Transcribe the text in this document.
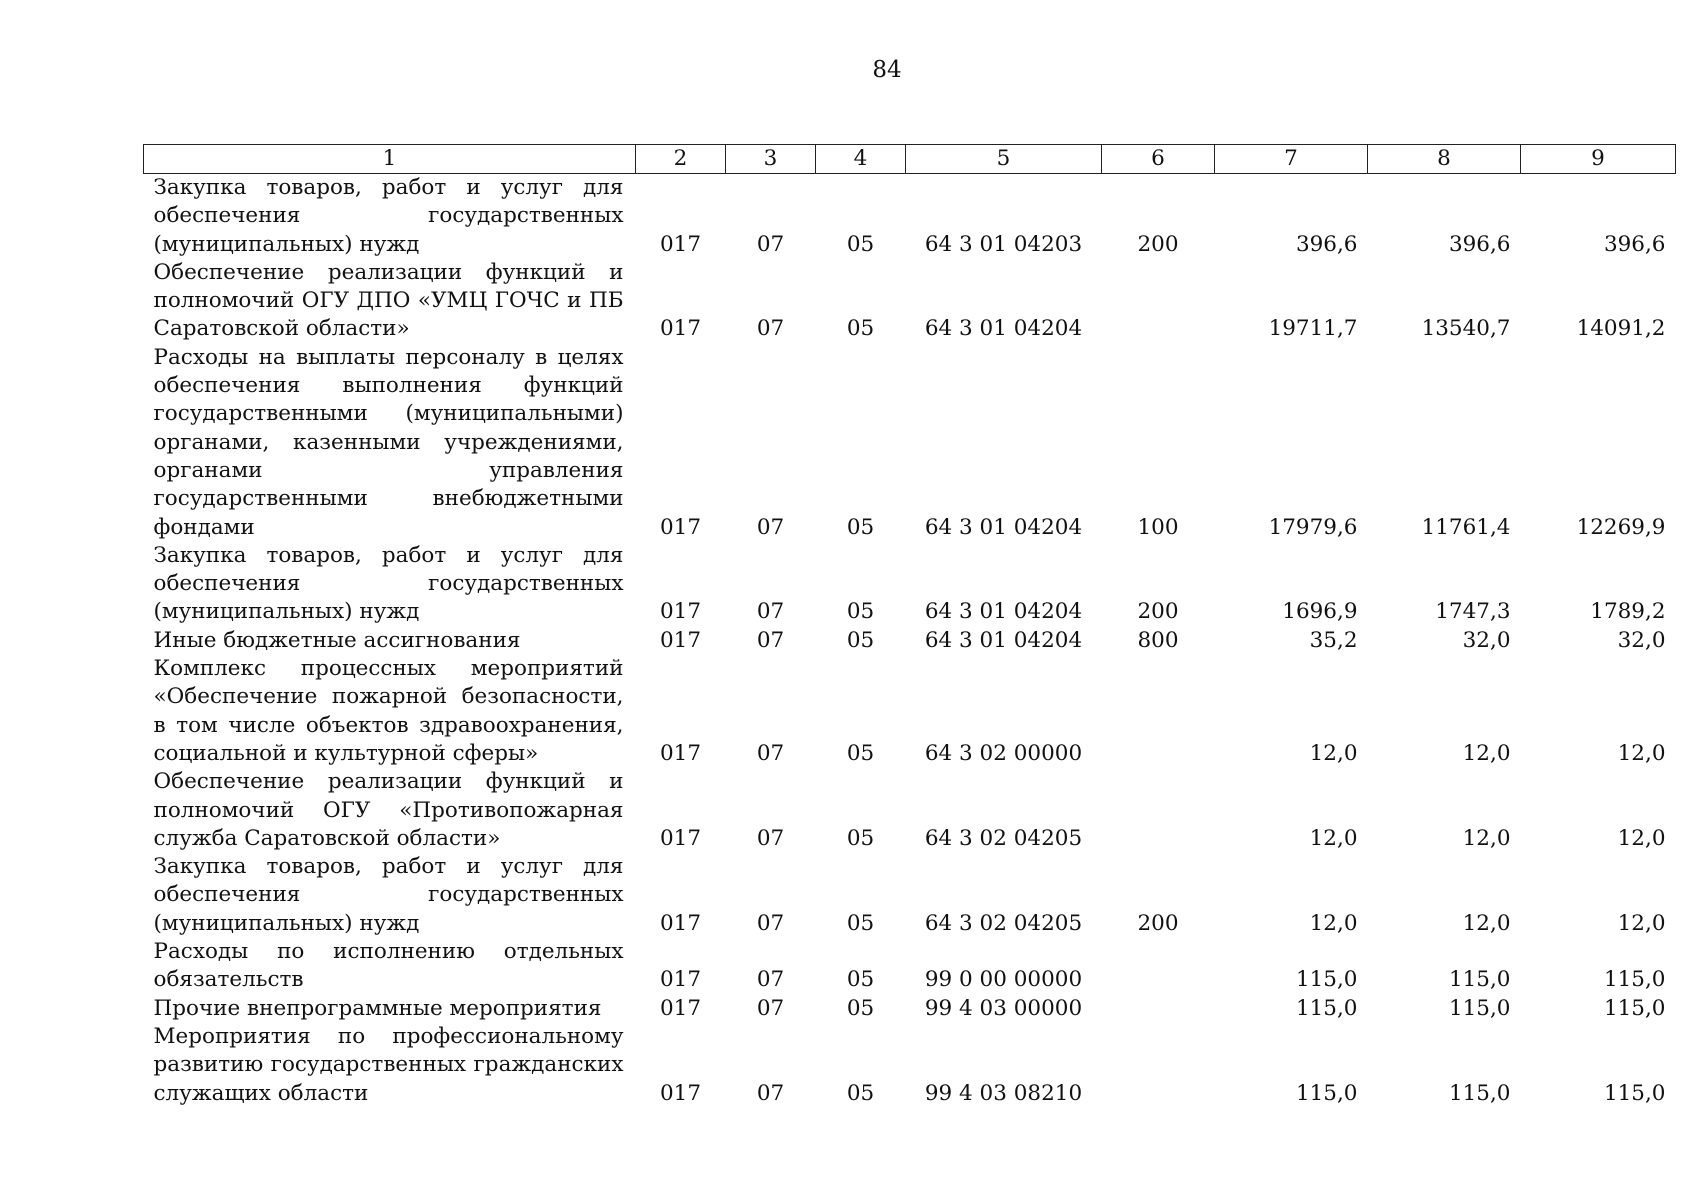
84
1	2	3	4	5	6	7	8	9
Закупка товаров, работ и услуг для обеспечения государственных (муниципальных) нужд	017	07	05	64 3 01 04203	200	396,6	396,6	396,6
Обеспечение реализации функций и полномочий ОГУ ДПО «УМЦ ГОЧС и ПБ Саратовской области»	017	07	05	64 3 01 04204		19711,7	13540,7	14091,2
Расходы на выплаты персоналу в целях обеспечения выполнения функций государственными (муниципальными) органами, казенными учреждениями, органами управления государственными внебюджетными фондами	017	07	05	64 3 01 04204	100	17979,6	11761,4	12269,9
Закупка товаров, работ и услуг для обеспечения государственных (муниципальных) нужд	017	07	05	64 3 01 04204	200	1696,9	1747,3	1789,2
Иные бюджетные ассигнования	017	07	05	64 3 01 04204	800	35,2	32,0	32,0
Комплекс процессных мероприятий «Обеспечение пожарной безопасности, в том числе объектов здравоохранения, социальной и культурной сферы»	017	07	05	64 3 02 00000		12,0	12,0	12,0
Обеспечение реализации функций и полномочий ОГУ «Противопожарная служба Саратовской области»	017	07	05	64 3 02 04205		12,0	12,0	12,0
Закупка товаров, работ и услуг для обеспечения государственных (муниципальных) нужд	017	07	05	64 3 02 04205	200	12,0	12,0	12,0
Расходы по исполнению отдельных обязательств	017	07	05	99 0 00 00000		115,0	115,0	115,0
Прочие внепрограммные мероприятия	017	07	05	99 4 03 00000		115,0	115,0	115,0
Мероприятия по профессиональному развитию государственных гражданских служащих области	017	07	05	99 4 03 08210		115,0	115,0	115,0
